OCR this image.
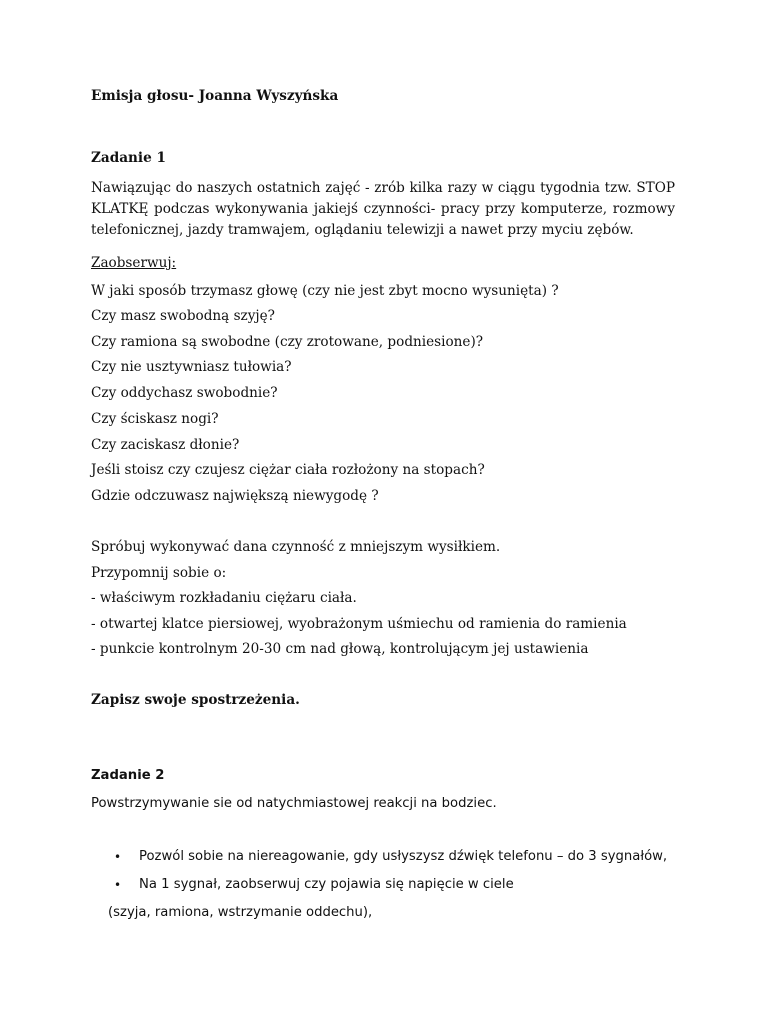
Emisja głosu- Joanna Wyszyńska
Zadanie 1
Nawiązując do naszych ostatnich zajęć - zrób kilka razy w ciągu tygodnia tzw. STOP KLATKĘ podczas wykonywania jakiejś czynności- pracy przy komputerze, rozmowy telefonicznej, jazdy tramwajem, oglądaniu telewizji a nawet przy myciu zębów.
Zaobserwuj:
W jaki sposób trzymasz głowę (czy nie jest zbyt mocno wysunięta) ?
Czy masz swobodną szyję?
Czy ramiona są swobodne (czy zrotowane, podniesione)?
Czy nie usztywniasz tułowia?
Czy oddychasz swobodnie?
Czy ściskasz nogi?
Czy zaciskasz dłonie?
Jeśli stoisz czy czujesz ciężar ciała rozłożony na stopach?
Gdzie odczuwasz największą niewygodę ?
Spróbuj wykonywać dana czynność z mniejszym wysiłkiem.
Przypomnij sobie o:
- właściwym rozkładaniu ciężaru ciała.
- otwartej klatce piersiowej, wyobrażonym uśmiechu od ramienia do ramienia
- punkcie kontrolnym 20-30 cm nad głową, kontrolującym jej ustawienia
Zapisz swoje spostrzeżenia.
Zadanie 2
Powstrzymywanie sie od natychmiastowej reakcji na bodziec.
• Pozwól sobie na niereagowanie, gdy usłyszysz dźwięk telefonu – do 3 sygnałów,
• Na 1 sygnał, zaobserwuj czy pojawia się napięcie w ciele
(szyja, ramiona, wstrzymanie oddechu),
